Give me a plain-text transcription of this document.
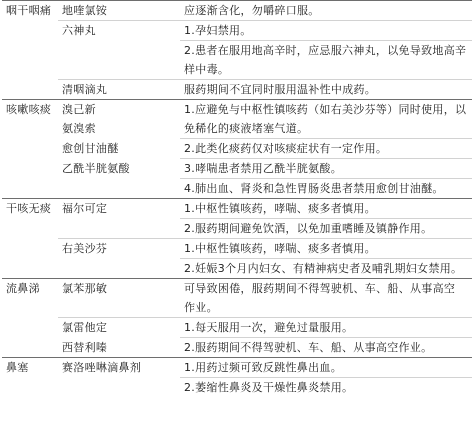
咽干咽痛	地喹氯铵	应逐渐含化，勿嚼碎口服。
	六神丸	1.孕妇禁用。
		2.患者在服用地高辛时，应忌服六神丸，以免导致地高辛
		样中毒。
	清咽滴丸	服药期间不宜同时服用温补性中成药。
咳嗽咳痰	溴己新	1.应避免与中枢性镇咳药（如右美沙芬等）同时使用，以
	氨溴索	免稀化的痰液堵塞气道。
	愈创甘油醚	2.此类化痰药仅对咳痰症状有一定作用。
	乙酰半胱氨酸	3.哮喘患者禁用乙酰半胱氨酸。
		4.肺出血、肾炎和急性胃肠炎患者禁用愈创甘油醚。
干咳无痰	福尔可定	1.中枢性镇咳药，哮喘、痰多者慎用。
		2.服药期间避免饮酒，以免加重嗜睡及镇静作用。
	右美沙芬	1.中枢性镇咳药，哮喘、痰多者慎用。
		2.妊娠3个月内妇女、有精神病史者及哺乳期妇女禁用。
流鼻涕	氯苯那敏	可导致困倦，服药期间不得驾驶机、车、船、从事高空
		作业。
	氯雷他定	1.每天服用一次，避免过量服用。
	西替利嗪	2.服药期间不得驾驶机、车、船、从事高空作业。
鼻塞	赛洛唑啉滴鼻剂	1.用药过频可致反跳性鼻出血。
		2.萎缩性鼻炎及干燥性鼻炎禁用。
